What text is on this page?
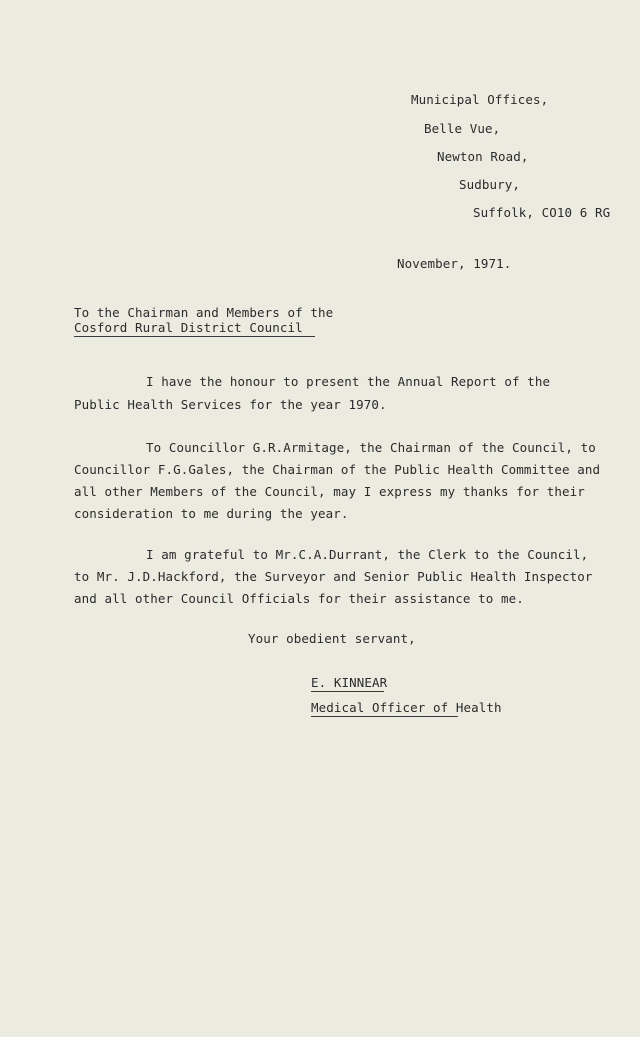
Municipal Offices,
Belle Vue,
Newton Road,
Sudbury,
Suffolk, CO10 6 RG
November, 1971.
To the Chairman and Members of the
Cosford Rural District Council
I have the honour to present the Annual Report of the
Public Health Services for the year 1970.
To Councillor G.R.Armitage, the Chairman of the Council, to
Councillor F.G.Gales, the Chairman of the Public Health Committee and
all other Members of the Council, may I express my thanks for their
consideration to me during the year.
I am grateful to Mr.C.A.Durrant, the Clerk to the Council,
to Mr. J.D.Hackford, the Surveyor and Senior Public Health Inspector
and all other Council Officials for their assistance to me.
Your obedient servant,
E. KINNEAR
Medical Officer of Health
